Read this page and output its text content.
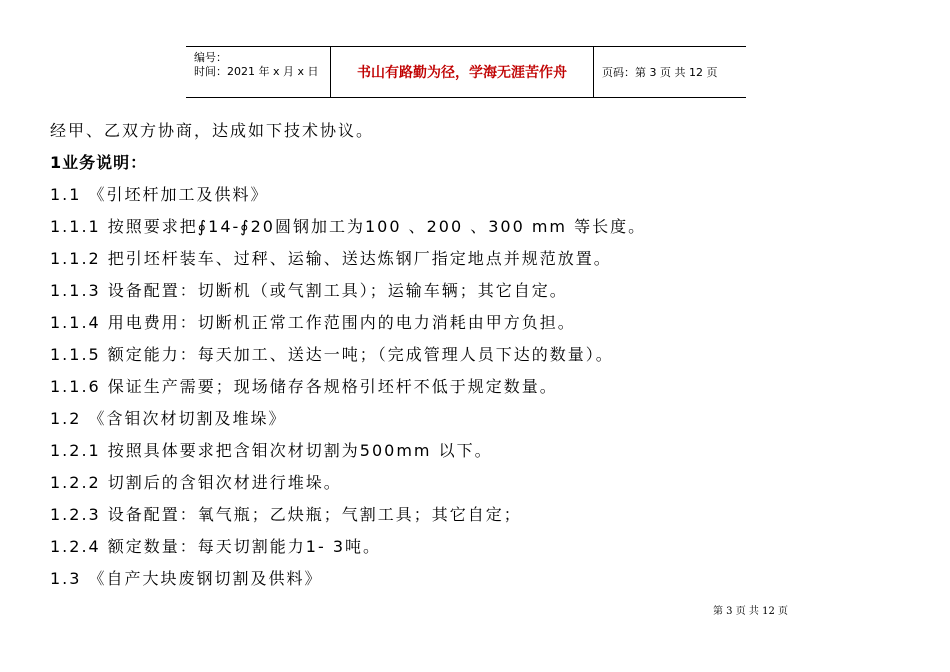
编号：
时间：2021 年 x 月 x 日	书山有路勤为径，学海无涯苦作舟	页码：第 3 页 共 12 页
经甲、乙双方协商，达成如下技术协议。
1业务说明：
1.1 《引坯杆加工及供料》
1.1.1 按照要求把∮14-∮20圆钢加工为100 、200 、300 mm 等长度。
1.1.2 把引坯杆装车、过秤、运输、送达炼钢厂指定地点并规范放置。
1.1.3 设备配置：切断机（或气割工具）；运输车辆；其它自定。
1.1.4 用电费用：切断机正常工作范围内的电力消耗由甲方负担。
1.1.5 额定能力：每天加工、送达一吨；（完成管理人员下达的数量）。
1.1.6 保证生产需要；现场储存各规格引坯杆不低于规定数量。
1.2 《含钼次材切割及堆垛》
1.2.1 按照具体要求把含钼次材切割为500mm 以下。
1.2.2 切割后的含钼次材进行堆垛。
1.2.3 设备配置：氧气瓶；乙炔瓶；气割工具；其它自定；
1.2.4 额定数量：每天切割能力1- 3吨。
1.3 《自产大块废钢切割及供料》
第 3 页 共 12 页
